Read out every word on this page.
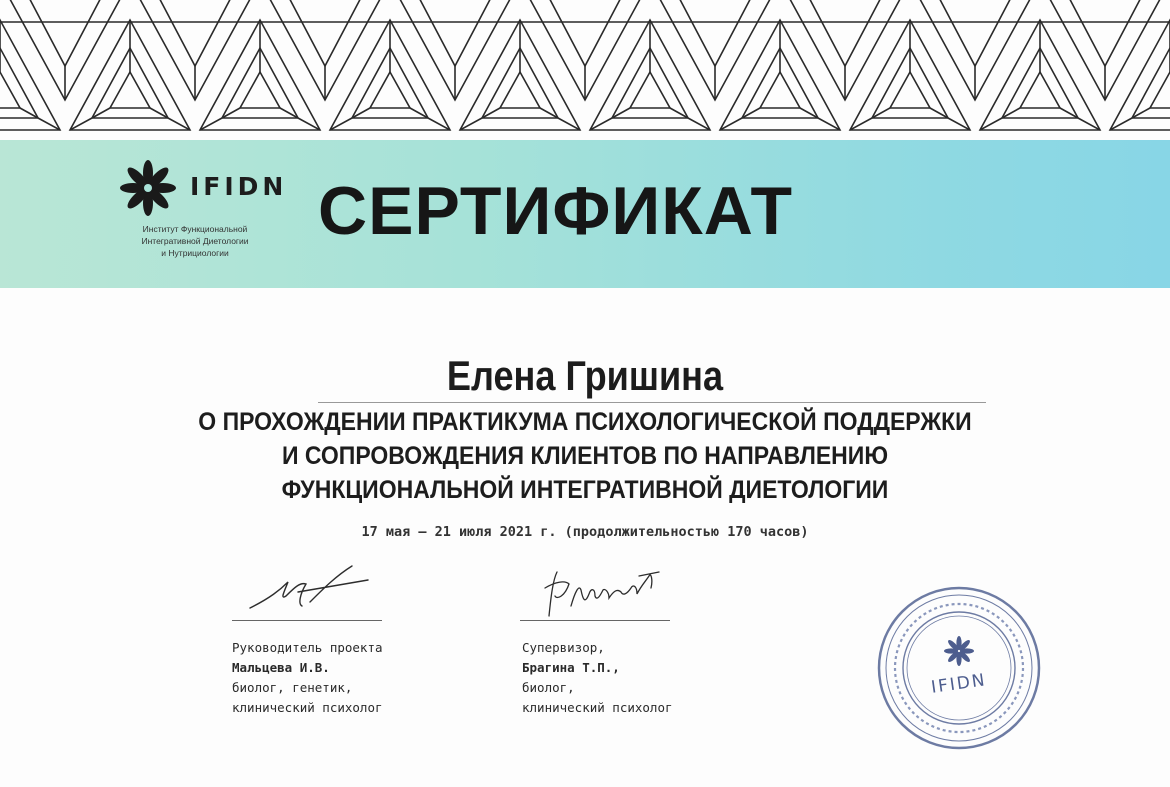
IFIDN
Институт Функциональной
Интегративной Диетологии
и Нутрициологии
СЕРТИФИКАТ
Елена Гришина
О ПРОХОЖДЕНИИ ПРАКТИКУМА ПСИХОЛОГИЧЕСКОЙ ПОДДЕРЖКИ
И СОПРОВОЖДЕНИЯ КЛИЕНТОВ ПО НАПРАВЛЕНИЮ
ФУНКЦИОНАЛЬНОЙ ИНТЕГРАТИВНОЙ ДИЕТОЛОГИИ
17 мая – 21 июля 2021 г. (продолжительностью 170 часов)
Руководитель проекта
Мальцева И.В.
биолог, генетик,
клинический психолог
Супервизор,
Брагина Т.П.,
биолог,
клинический психолог
IFIDN
